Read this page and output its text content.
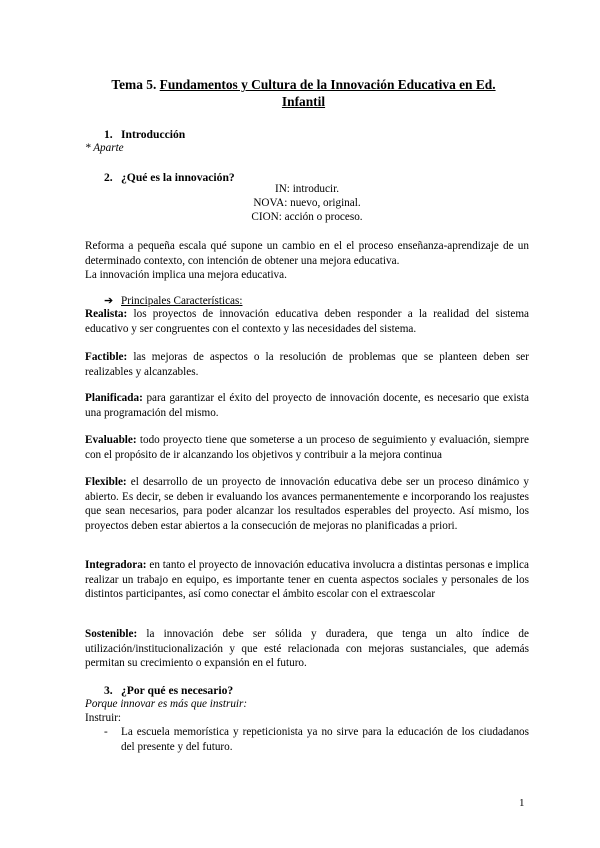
Tema 5. Fundamentos y Cultura de la Innovación Educativa en Ed.
Infantil
1. Introducción
* Aparte
2. ¿Qué es la innovación?
IN: introducir.
NOVA: nuevo, original.
CION: acción o proceso.
Reforma a pequeña escala qué supone un cambio en el el proceso enseñanza-aprendizaje de un determinado contexto, con intención de obtener una mejora educativa.
La innovación implica una mejora educativa.
➔ Principales Características:
Realista: los proyectos de innovación educativa deben responder a la realidad del sistema educativo y ser congruentes con el contexto y las necesidades del sistema.
Factible: las mejoras de aspectos o la resolución de problemas que se planteen deben ser realizables y alcanzables.
Planificada: para garantizar el éxito del proyecto de innovación docente, es necesario que exista una programación del mismo.
Evaluable: todo proyecto tiene que someterse a un proceso de seguimiento y evaluación, siempre con el propósito de ir alcanzando los objetivos y contribuir a la mejora continua
Flexible: el desarrollo de un proyecto de innovación educativa debe ser un proceso dinámico y abierto. Es decir, se deben ir evaluando los avances permanentemente e incorporando los reajustes que sean necesarios, para poder alcanzar los resultados esperables del proyecto. Así mismo, los proyectos deben estar abiertos a la consecución de mejoras no planificadas a priori.
Integradora: en tanto el proyecto de innovación educativa involucra a distintas personas e implica realizar un trabajo en equipo, es importante tener en cuenta aspectos sociales y personales de los distintos participantes, así como conectar el ámbito escolar con el extraescolar
Sostenible: la innovación debe ser sólida y duradera, que tenga un alto índice de utilización/institucionalización y que esté relacionada con mejoras sustanciales, que además permitan su crecimiento o expansión en el futuro.
3. ¿Por qué es necesario?
Porque innovar es más que instruir:
Instruir:
- La escuela memorística y repeticionista ya no sirve para la educación de los ciudadanos del presente y del futuro.
1
